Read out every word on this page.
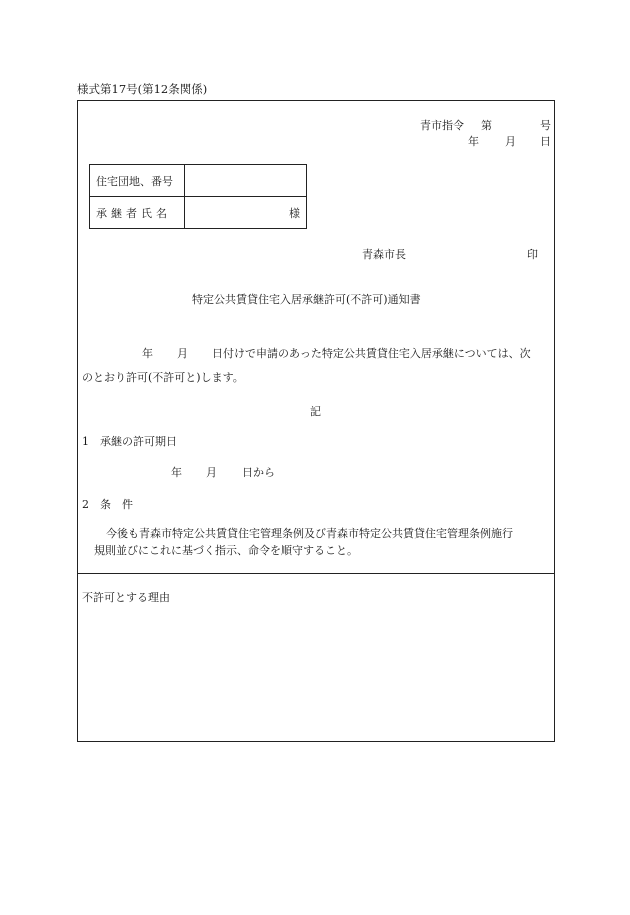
様式第17号(第12条関係)
青市指令 第	号
年 月 日
住宅団地、番号	
承継者氏名	様
青森市長	印
特定公共賃貸住宅入居承継許可(不許可)通知書
年 月 日付けで申請のあった特定公共賃貸住宅入居承継については、次
のとおり許可(不許可と)します。
記
1　承継の許可期日
年 月 日から
2　条　件
今後も青森市特定公共賃貸住宅管理条例及び青森市特定公共賃貸住宅管理条例施行
規則並びにこれに基づく指示、命令を順守すること。
不許可とする理由
